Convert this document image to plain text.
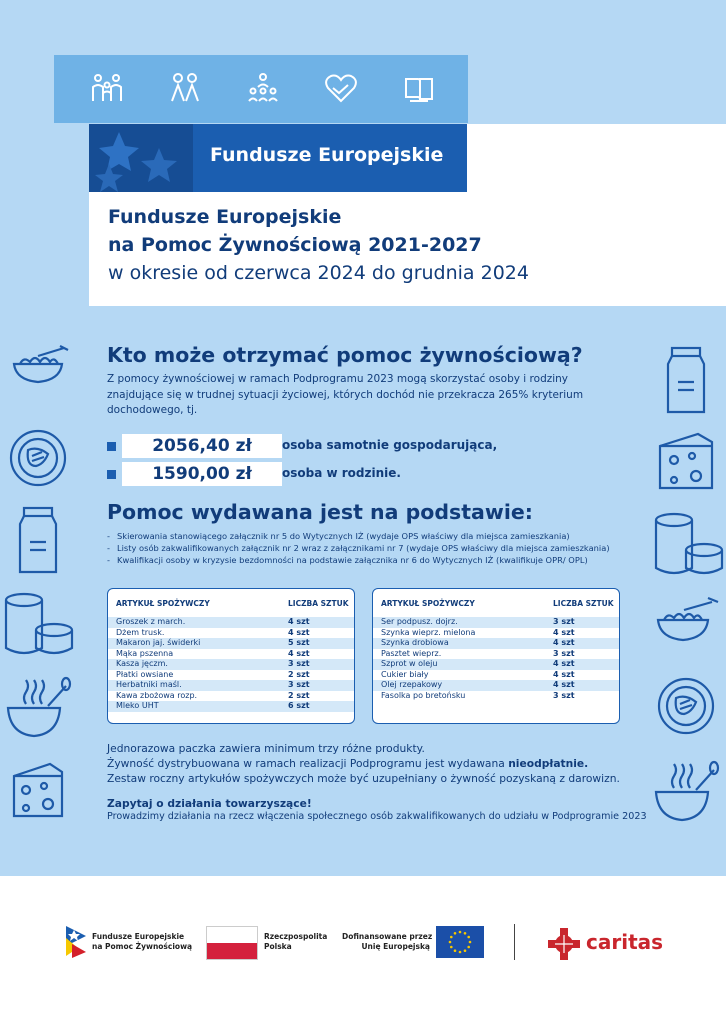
Fundusze Europejskie
Fundusze Europejskie
na Pomoc Żywnościową 2021-2027
w okresie od czerwca 2024 do grudnia 2024
Kto może otrzymać pomoc żywnościową?
Z pomocy żywnościowej w ramach Podprogramu 2023 mogą skorzystać osoby i rodziny znajdujące się w trudnej sytuacji życiowej, których dochód nie przekracza 265% kryterium dochodowego, tj.
2056,40 zł	osoba samotnie gospodarująca,
1590,00 zł	osoba w rodzinie.
Pomoc wydawana jest na podstawie:
- Skierowania stanowiącego załącznik nr 5 do Wytycznych IŻ (wydaje OPS właściwy dla miejsca zamieszkania)
- Listy osób zakwalifikowanych załącznik nr 2 wraz z załącznikami nr 7 (wydaje OPS właściwy dla miejsca zamieszkania)
- Kwalifikacji osoby w kryzysie bezdomności na podstawie załącznika nr 6 do Wytycznych IŻ (kwalifikuje OPR/ OPL)
ARTYKUŁ SPOŻYWCZY	LICZBA SZTUK
Groszek z march.	4 szt
Dżem trusk.	4 szt
Makaron jaj. świderki	5 szt
Mąka pszenna	4 szt
Kasza jęczm.	3 szt
Płatki owsiane	2 szt
Herbatniki maśl.	3 szt
Kawa zbożowa rozp.	2 szt
Mleko UHT	6 szt
ARTYKUŁ SPOŻYWCZY	LICZBA SZTUK
Ser podpusz. dojrz.	3 szt
Szynka wieprz. mielona	4 szt
Szynka drobiowa	4 szt
Pasztet wieprz.	3 szt
Szprot w oleju	4 szt
Cukier biały	4 szt
Olej rzepakowy	4 szt
Fasolka po bretońsku	3 szt
Jednorazowa paczka zawiera minimum trzy różne produkty.
Żywność dystrybuowana w ramach realizacji Podprogramu jest wydawana nieodpłatnie.
Zestaw roczny artykułów spożywczych może być uzupełniany o żywność pozyskaną z darowizn.
Zapytaj o działania towarzyszące!
Prowadzimy działania na rzecz włączenia społecznego osób zakwalifikowanych do udziału w Podprogramie 2023
Fundusze Europejskie
na Pomoc Żywnościową
Rzeczpospolita
Polska
Dofinansowane przez
Unię Europejską	caritas
